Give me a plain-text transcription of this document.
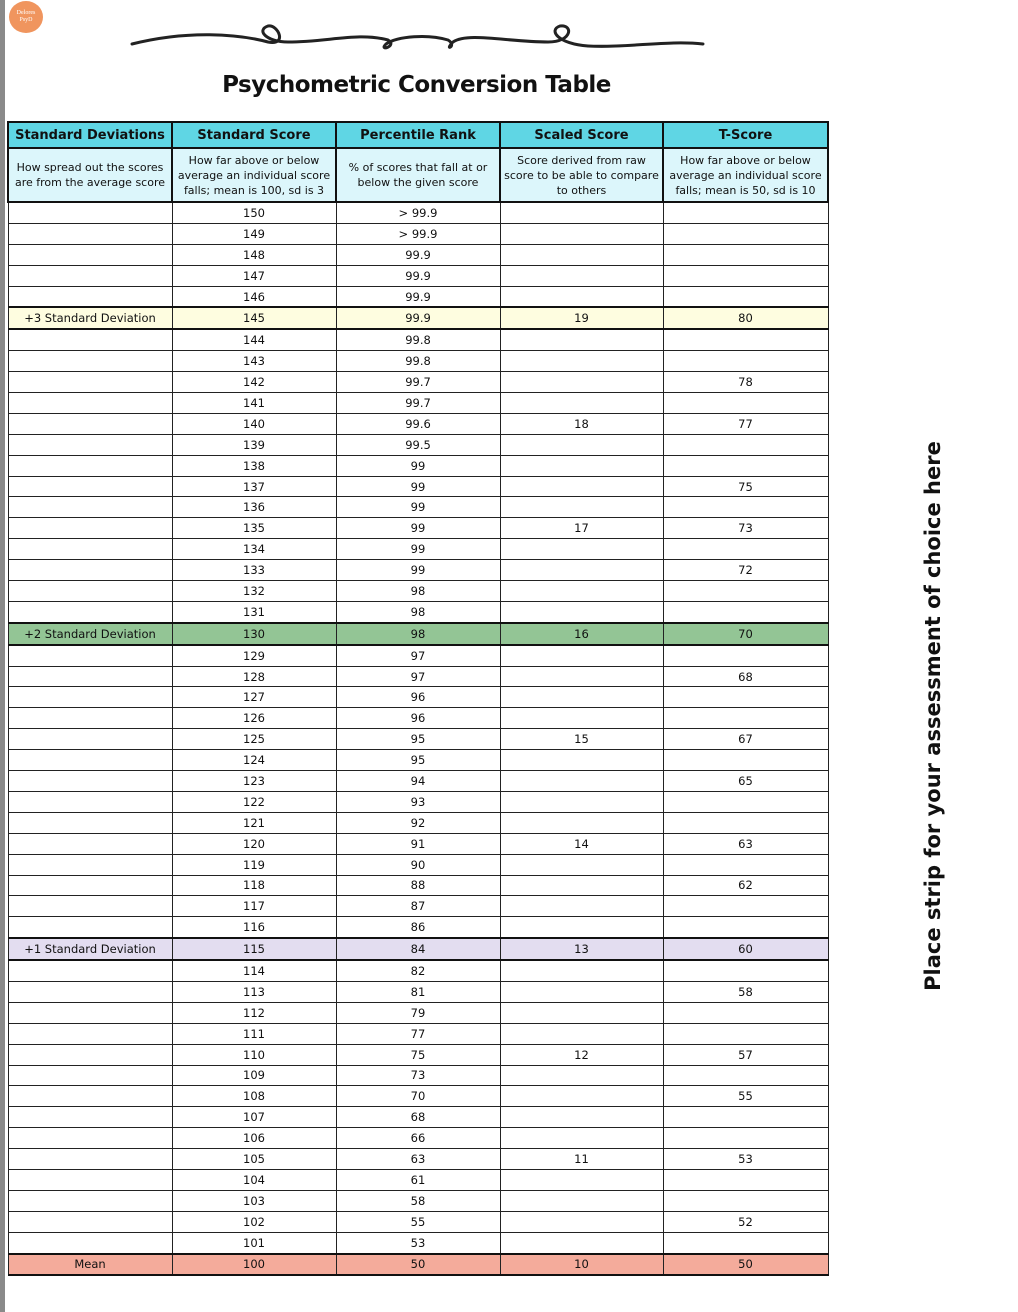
Delores
PsyD
Psychometric Conversion Table
Standard Deviations	Standard Score	Percentile Rank	Scaled Score	T-Score
How spread out the scores are from the average score	How far above or below average an individual score falls; mean is 100, sd is 3	% of scores that fall at or below the given score	Score derived from raw score to be able to compare to others	How far above or below average an individual score falls; mean is 50, sd is 10
	150	> 99.9		
	149	> 99.9		
	148	99.9		
	147	99.9		
	146	99.9		
+3 Standard Deviation	145	99.9	19	80
	144	99.8		
	143	99.8		
	142	99.7		78
	141	99.7		
	140	99.6	18	77
	139	99.5		
	138	99		
	137	99		75
	136	99		
	135	99	17	73
	134	99		
	133	99		72
	132	98		
	131	98		
+2 Standard Deviation	130	98	16	70
	129	97		
	128	97		68
	127	96		
	126	96		
	125	95	15	67
	124	95		
	123	94		65
	122	93		
	121	92		
	120	91	14	63
	119	90		
	118	88		62
	117	87		
	116	86		
+1 Standard Deviation	115	84	13	60
	114	82		
	113	81		58
	112	79		
	111	77		
	110	75	12	57
	109	73		
	108	70		55
	107	68		
	106	66		
	105	63	11	53
	104	61		
	103	58		
	102	55		52
	101	53		
Mean	100	50	10	50
Place strip for your assessment of choice here
